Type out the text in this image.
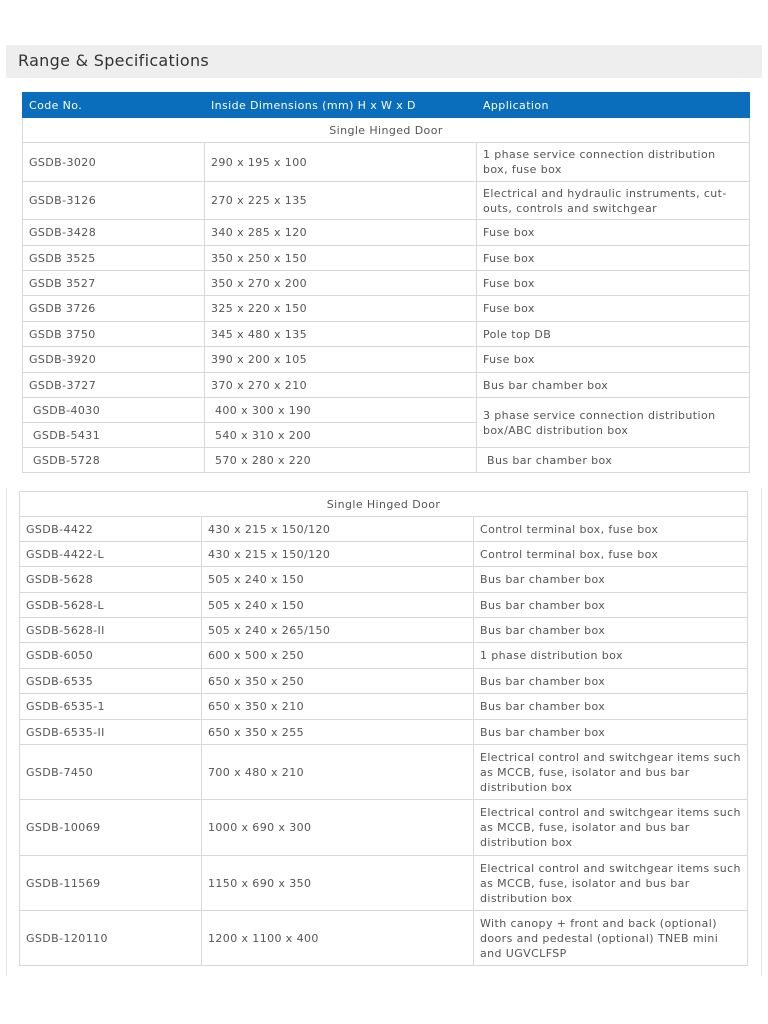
Range & Specifications
Code No.	Inside Dimensions (mm) H x W x D	Application
Single Hinged Door		
GSDB-3020	290 x 195 x 100	1 phase service connection distribution box, fuse box
GSDB-3126	270 x 225 x 135	Electrical and hydraulic instruments, cut-outs, controls and switchgear
GSDB-3428	340 x 285 x 120	Fuse box
GSDB 3525	350 x 250 x 150	Fuse box
GSDB 3527	350 x 270 x 200	Fuse box
GSDB 3726	325 x 220 x 150	Fuse box
GSDB 3750	345 x 480 x 135	Pole top DB
GSDB-3920	390 x 200 x 105	Fuse box
GSDB-3727	370 x 270 x 210	Bus bar chamber box
GSDB-4030	400 x 300 x 190	3 phase service connection distribution box/ABC distribution box
GSDB-5431	540 x 310 x 200	
GSDB-5728	570 x 280 x 220	Bus bar chamber box
Single Hinged Door		
GSDB-4422	430 x 215 x 150/120	Control terminal box, fuse box
GSDB-4422-L	430 x 215 x 150/120	Control terminal box, fuse box
GSDB-5628	505 x 240 x 150	Bus bar chamber box
GSDB-5628-L	505 x 240 x 150	Bus bar chamber box
GSDB-5628-II	505 x 240 x 265/150	Bus bar chamber box
GSDB-6050	600 x 500 x 250	1 phase distribution box
GSDB-6535	650 x 350 x 250	Bus bar chamber box
GSDB-6535-1	650 x 350 x 210	Bus bar chamber box
GSDB-6535-II	650 x 350 x 255	Bus bar chamber box
GSDB-7450	700 x 480 x 210	Electrical control and switchgear items such as MCCB, fuse, isolator and bus bar distribution box
GSDB-10069	1000 x 690 x 300	Electrical control and switchgear items such as MCCB, fuse, isolator and bus bar distribution box
GSDB-11569	1150 x 690 x 350	Electrical control and switchgear items such as MCCB, fuse, isolator and bus bar distribution box
GSDB-120110	1200 x 1100 x 400	With canopy + front and back (optional) doors and pedestal (optional) TNEB mini and UGVCLFSP
